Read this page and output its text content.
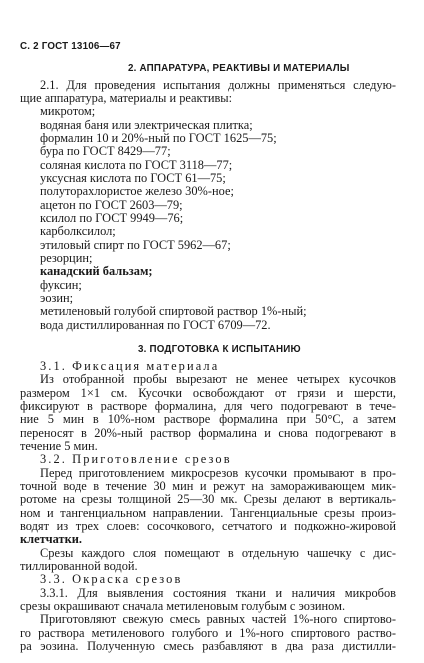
С. 2 ГОСТ 13106—67
2. АППАРАТУРА, РЕАКТИВЫ И МАТЕРИАЛЫ
2.1. Для проведения испытания должны применяться следую-
щие аппаратура, материалы и реактивы:
микротом;
водяная баня или электрическая плитка;
формалин 10 и 20%-ный по ГОСТ 1625—75;
бура по ГОСТ 8429—77;
соляная кислота по ГОСТ 3118—77;
уксусная кислота по ГОСТ 61—75;
полутораxлористое железо 30%-ное;
ацетон по ГОСТ 2603—79;
ксилол по ГОСТ 9949—76;
карболксилол;
этиловый спирт по ГОСТ 5962—67;
резорцин;
канадский бальзам;
фуксин;
эозин;
метиленовый голубой спиртовой раствор 1%-ный;
вода дистиллированная по ГОСТ 6709—72.
3. ПОДГОТОВКА К ИСПЫТАНИЮ
3.1. Фиксация материала
Из отобранной пробы вырезают не менее четырех кусочков
размером 1×1 см. Кусочки освобождают от грязи и шерсти,
фиксируют в растворе формалина, для чего подогревают в тече-
ние 5 мин в 10%-ном растворе формалина при 50°С, а затем
переносят в 20%-ный раствор формалина и снова подогревают в
течение 5 мин.
3.2. Приготовление срезов
Перед приготовлением микросрезов кусочки промывают в про-
точной воде в течение 30 мин и режут на замораживающем мик-
ротоме на срезы толщиной 25—30 мк. Срезы делают в вертикаль-
ном и тангенциальном направлении. Тангенциальные срезы произ-
водят из трех слоев: сосочкового, сетчатого и подкожно-жировой
клетчатки.
Срезы каждого слоя помещают в отдельную чашечку с дис-
тиллированной водой.
3.3. Окраска срезов
3.3.1. Для выявления состояния ткани и наличия микробов
срезы окрашивают сначала метиленовым голубым с эозином.
Приготовляют свежую смесь равных частей 1%-ного спиртово-
го раствора метиленового голубого и 1%-ного спиртового раство-
ра эозина. Полученную смесь разбавляют в два раза дистилли-
